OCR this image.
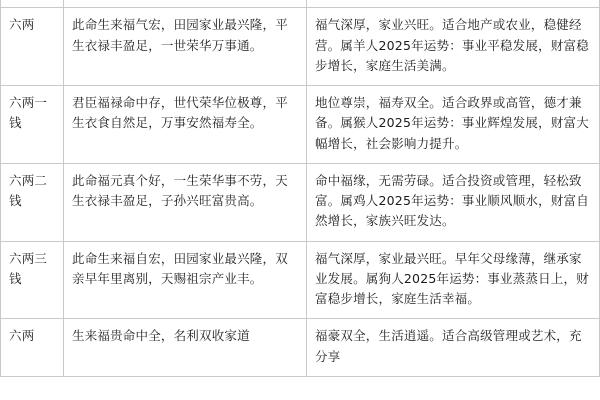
六两	此命生来福气宏，田园家业最兴隆，平生衣禄丰盈足，一世荣华万事通。	福气深厚，家业兴旺。适合地产或农业，稳健经营。属羊人2025年运势：事业平稳发展，财富稳步增长，家庭生活美满。

六两一钱	君臣福禄命中存，世代荣华位极尊，平生衣食自然足，万事安然福寿全。	地位尊崇，福寿双全。适合政界或高管，德才兼备。属猴人2025年运势：事业辉煌发展，财富大幅增长，社会影响力提升。

六两二钱	此命福元真个好，一生荣华事不劳，天生衣禄丰盈足，子孙兴旺富贵高。	命中福缘，无需劳碌。适合投资或管理，轻松致富。属鸡人2025年运势：事业顺风顺水，财富自然增长，家族兴旺发达。

六两三钱	此命生来福自宏，田园家业最兴隆，双亲早年里离别，天赐祖宗产业丰。	福气深厚，家业最兴旺。早年父母缘薄，继承家业发展。属狗人2025年运势：事业蒸蒸日上，财富稳步增长，家庭生活幸福。

六两	生来福贵命中全，名利双收家道	福豪双全，生活逍遥。适合高级管理或艺术，充分享
